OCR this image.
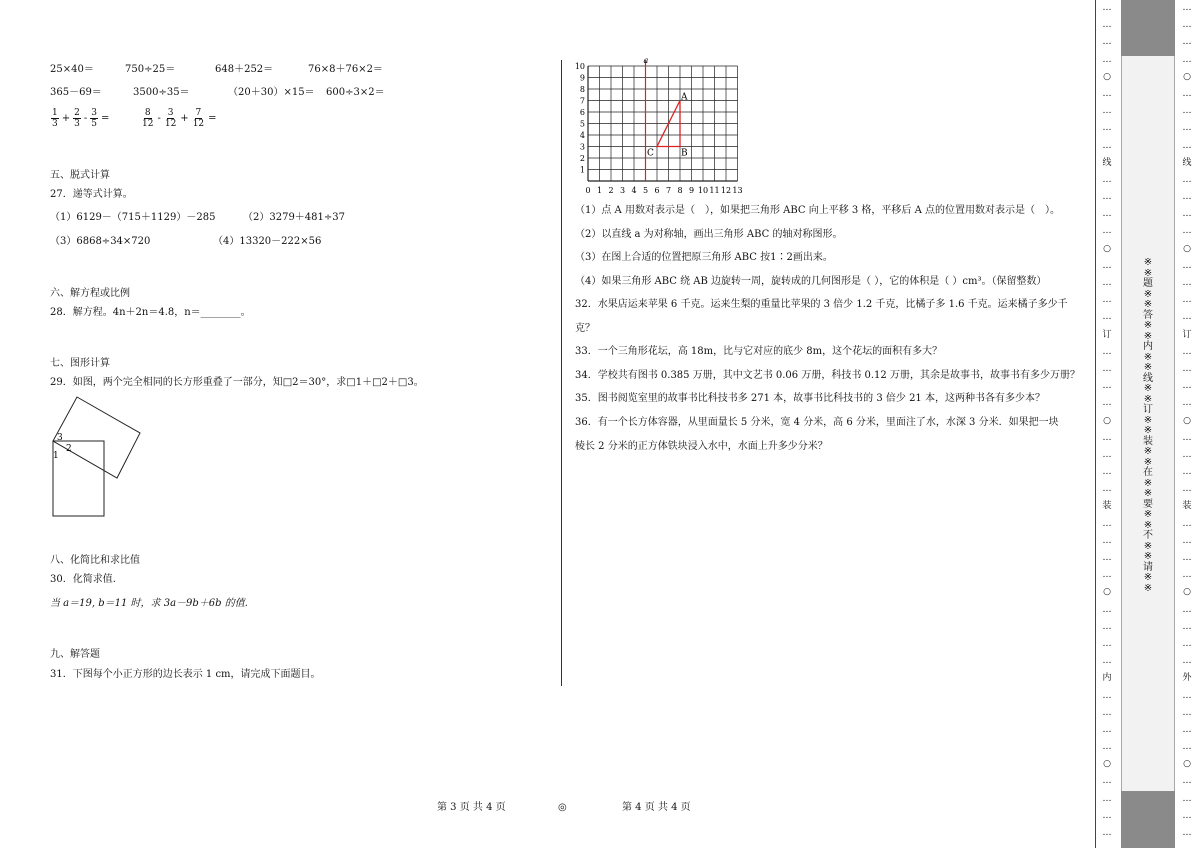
25×40＝	750÷25＝	648＋252＝	76×8＋76×2＝
365－69＝	3500÷35＝	（20＋30）×15＝ 600÷3×2＝
$\frac{1}{3} + \frac{2}{3} - \frac{3}{5}$ =	$\frac{8}{12} - \frac{3}{12} + \frac{7}{12}$ =
五、脱式计算
27．递等式计算。
（1）6129－（715＋1129）－285	（2）3279＋481÷37
（3）6868÷34×720	（4）13320－222×56
六、解方程或比例
28．解方程。4n＋2n＝4.8，n＝________。
七、图形计算
29．如图，两个完全相同的长方形重叠了一部分，知□2＝30°，求□1＋□2＋□3。
3
2
1
八、化简比和求比值
30．化简求值.
当 a＝19, b＝11 时，求 3a－9b＋6b 的值.
九、解答题
31．下图每个小正方形的边长表示 1 cm，请完成下面题目。
10
9
8
7
6
5
4
3
2
1
0 1 2 3 4 5 6 7 8 9 10 11 12 13
a
A
B
C
（1）点 A 用数对表示是（　），如果把三角形 ABC 向上平移 3 格，平移后 A 点的位置用数对表示是（　）。
（2）以直线 a 为对称轴，画出三角形 ABC 的轴对称图形。
（3）在图上合适的位置把原三角形 ABC 按1∶2画出来。
（4）如果三角形 ABC 绕 AB 边旋转一周，旋转成的几何图形是（ ），它的体积是（ ）cm³。（保留整数）
32．水果店运来苹果 6 千克。运来生梨的重量比苹果的 3 倍少 1.2 千克，比橘子多 1.6 千克。运来橘子多少千
克？
33．一个三角形花坛，高 18m，比与它对应的底少 8m，这个花坛的面积有多大？
34．学校共有图书 0.385 万册，其中文艺书 0.06 万册，科技书 0.12 万册，其余是故事书，故事书有多少万册？
35．图书阅览室里的故事书比科技书多 271 本，故事书比科技书的 3 倍少 21 本，这两种书各有多少本？
36．有一个长方体容器，从里面量长 5 分米，宽 4 分米，高 6 分米，里面注了水，水深 3 分米．如果把一块
棱长 2 分米的正方体铁块浸入水中，水面上升多少分米？
第 3 页 共 4 页	◎	第 4 页 共 4 页
…
…
…
…
○
…
…
…
…
线
…
…
…
…
○
…
…
…
…
订
…
…
…
…
○
…
…
…
…
装
…
…
…
…
○
…
…
…
…
内
…
…
…
…
○
…
…
…
…
※
※
题
※
※
答
※
※
内
※
※
线
※
※
订
※
※
装
※
※
在
※
※
要
※
※
不
※
※
请
※
※
…
…
…
…
○
…
…
…
…
线
…
…
…
…
○
…
…
…
…
订
…
…
…
…
○
…
…
…
…
装
…
…
…
…
○
…
…
…
…
外
…
…
…
…
○
…
…
…
…
